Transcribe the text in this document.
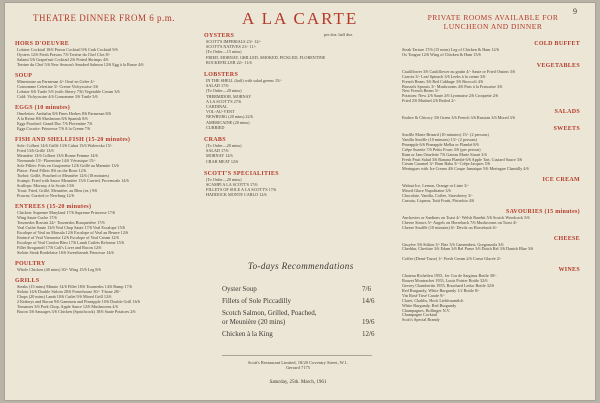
9
THEATRE DINNER FROM 6 p.m.
HORS D'OEUVRE
Lobster Cocktail 10/6 Prawn Cocktail 9/6 Crab Cocktail 9/6
Oysters 12/6 Fresh Prawns 7/6 Terrine du Chef Clos 8/-
Salami 5/6 Grapefruit Cocktail 2/6 Potted Shrimps 4/6
Terrine du Chef 5/6 New Season's Smoked Salmon 12/6 Egg à la Russe 4/6
SOUP
Minestrone au Parmesan 4/- Oeuf en Gelee 4/-
Consomme Celestine 3/- Creme Vichyssoise 3/6
Lobster 6/6 Turtle 5/6 (with Sherry 7/6) Vegetable Cream 3/6
Cold: Vichyssoise 4/6 Consomme 3/6 Turtle 5/6
EGGS (10 minutes)
Omelettes: Arnhalus 8/6 Fines Herbes 8/6 Parmesan 8/6
A la Reine 8/6 Mushroom 8/6 Spanish 8/6
Eggs Poached: Grand Duc 7/6 Florentine 7/6
Eggs Cocotte: Princesse 7/6 A la Creme 7/6
FISH AND SHELLFISH (15-20 minutes)
Sole: Colbert 14/6 Grillé 13/6 Cubat 15/6 Walewska 15/-
Fried 13/6 Grillé 13/6
Meunière 13/6 Colbert 13/6 Bonne Femme 14/6
Normande 15/- Florentine 14/6 Véronique 15/-
Sole Fillets: Frits en Goujonette 12/6 Grillé au Marmite 13/6
Plaice: Fried Fillets 8/6 on the Bone 12/6
Turbot: Grillé, Poached or Meunière 12/6 (18 minutes)
Scampi: Fried with Sauce Meunière 13/6 Curried, Provencale 14/6
Scallops: Mornay, à la Scotts 13/6
Trout: Fried, Grillé, Meunière, au Bleu (ea.) 9/6
Prawns: Curried or Newburg 12/6
ENTREES (15-20 minutes)
Chicken: Supreme Maryland 17/6 Supreme Princesse 17/6
Wing Saute Cuche 17/6
Tournedos Rossini 24/- Tournedos Bouquetière 17/6
Veal Cutlet Saute 13/6 Veal Chop Saute 17/6 Veal Escalope 15/6
Escalope of Veal au Marsala 12/6 Escalope of Veal au Beurre 12/6
Emincé of Veal Viennoise 12/6 Escalope of Veal Cream 12/6
Escalope of Veal Cordon Bleu 17/6 Lamb Cutlets Reforme 15/6
Fillet Stroganoff 17/6 Calf's Liver and Bacon 12/6
Sirloin Steak Bordelaise 16/6 Sweetbreads Princesse 14/6
POULTRY
Whole Chicken (40 mins) 30/- Wing 15/6 Leg 8/6
GRILLS
Steaks (15 mins) Minute 14/6 Fillet 18/6 Tournedos 14/6 Rump 17/6
Sirloin 14/6 Double Sirloin 28/6 Porterhouse 30/- T-bone 28/-
Chops (20 mins) Lamb 10/6 Cutlet 9/6 Mixed Grill 12/6
2 Kidneys and Bacon 9/6 Gammon and Pineapple 10/6 Double Grill 16/6
Tomatoes 3/6 Pork Chop, Apple Sauce 12/6 Mushrooms 4/6
Bacon 3/6 Sausages 3/6 Chicken (Spatchcock) 18/6 Saute Potatoes 2/6
A LA CARTE
OYSTERS	per doz. half doz.
SCOTT'S IMPERIALS 23/- 12/-
SCOTT'S NATIVES 21/- 11/-
(To Order—15 mins)
FRIED, MORNAY, GRILLED, SMOKED, PICKLED, FLORENTINE
ROCKEFELLER 22/- 11/6
LOBSTERS
IN THE SHELL (half) with salad greens 15/-
SALAD 17/6
(To Order—20 mins)
THERMIDOR, MORNAY
A LA SCOTT'S 27/6
CARDINAL
VOL-AU-VENT
NEWBURG (20 mins) 22/6
AMERICAINE (20 mins)
CURRIED
CRABS
(To Order—20 mins)
SALAD 17/6
MORNAY 12/6
CRAB MEAT 12/6
SCOTT'S SPECIALITIES
(To Order—20 mins)
SCAMPI A LA SCOTT'S 17/6
FILLETS OF SOLE A LA SCOTT'S 17/6
HADDOCK MONTE CARLO 12/6
To-days Recommendations
Oyster Soup	7/6
Fillets of Sole Piccadilly	14/6
Scotch Salmon, Grilled, Poached,
or Meunière (20 mins)	19/6
Chicken à la King	12/6
Scott's Restaurant Limited, 18/20 Coventry Street, W.1.
Gerrard 7175
Saturday, 25th. March, 1961
PRIVATE ROOMS AVAILABLE FOR
LUNCHEON AND DINNER
COLD BUFFET
Steak Tartare 17/6 (15 mins) Leg of Chicken & Ham 12/6
Ox Tongue 12/6 Wing of Chicken & Ham 15/6
VEGETABLES
Cauliflower 3/6 Cauliflower au gratin 4/- Saute or Fried Onions 3/6
Carrots 3/- Leaf Spinach 3/6 Leeks à la creme 3/6
French Beans 3/6 Red Cabbage 3/6 Broccoli 4/6
Brussels Sprouts 3/- Mushrooms 4/6 Peas à la Francaise 3/6
New French Beans 5/-
Potatoes: New 2/6 Saute 2/6 Lyonnaise 2/6 Croquette 2/6
Fried 2/6 Mashed 2/6 Boiled 2/-
SALADS
Endive & Chicory 3/6 Green 3/6 French 3/6 Russian 3/6 Mixed 3/6
SWEETS
Souffle Marie Brizard (10 minutes) 15/- (2 persons)
Vanilla Souffle (10 minutes) 13/- (2 persons)
Pineapple 6/6 Pineapple Melba or Flambé 8/6
Crêpe Suzette 7/6 Petits Fours 3/6 (per person)
Rum or Jam Omelette 7/6 Gateau Marie Stuart 3/6
Fresh Fruit Salad 3/6 Banana Flambé 6/6 Apple Tart, Custard Sauce 3/6
Cream Caramel 3/- Rum Baba 3/- Crêpe Jacques 5/6
Meringues with Ice Cream 4/6 Coupe Jamaique 5/6 Meringue Chantilly 4/6
ICE CREAM
Walnut Ice, Lemon, Orange or Lime 3/-
Mixed Glace Napolitaine 3/6
Chocolate, Vanilla, Coffee, Strawberry 3/-
Cassata, Liqueur, Tutti Frutti, Pistachio 4/6
SAVOURIES (15 minutes)
Anchovies or Sardines on Toast 4/- Welsh Rarebit 5/6 Scotch Woodcock 5/6
Cheese Straws 5/- Angels on Horseback 7/6 Mushrooms on Toast 4/-
Cheese Soufflé (10 minutes) 6/- Devils on Horseback 6/-
CHEESE
Gruyère 3/6 Stilton 3/- Brie 3/6 Camembert, Gorgonzola 3/6
Cheddar, Cheshire 3/6 Edam 3/6 Bel Paese 3/6 Dutch Bel 3/6 Danish Blue 3/6
Coffee (Demi-Tasse) 1/- Fresh Cream 2/6 Coeur Glacée 2/-
WINES
Chateau Richelieu 1955, 1er Cru de Sarginas Bottle 30/-
Bouzet Montrachet 1953, Louis Poirier Bottle 32/6
Gevrey Chambertin 1955, Bouchard Leduc Bottle 32/6
Red Burgundy, White Burgundy 1/2 Bottle 8/-
Vin Rosé Tirsé Carafe 9/-
Claret, Chablis, Hock Liebfraumilch
White Burgundy, Red Burgundy
Champagnes, Bollinger N.V.
Champagne Cocktail
Scott's Special Brandy
